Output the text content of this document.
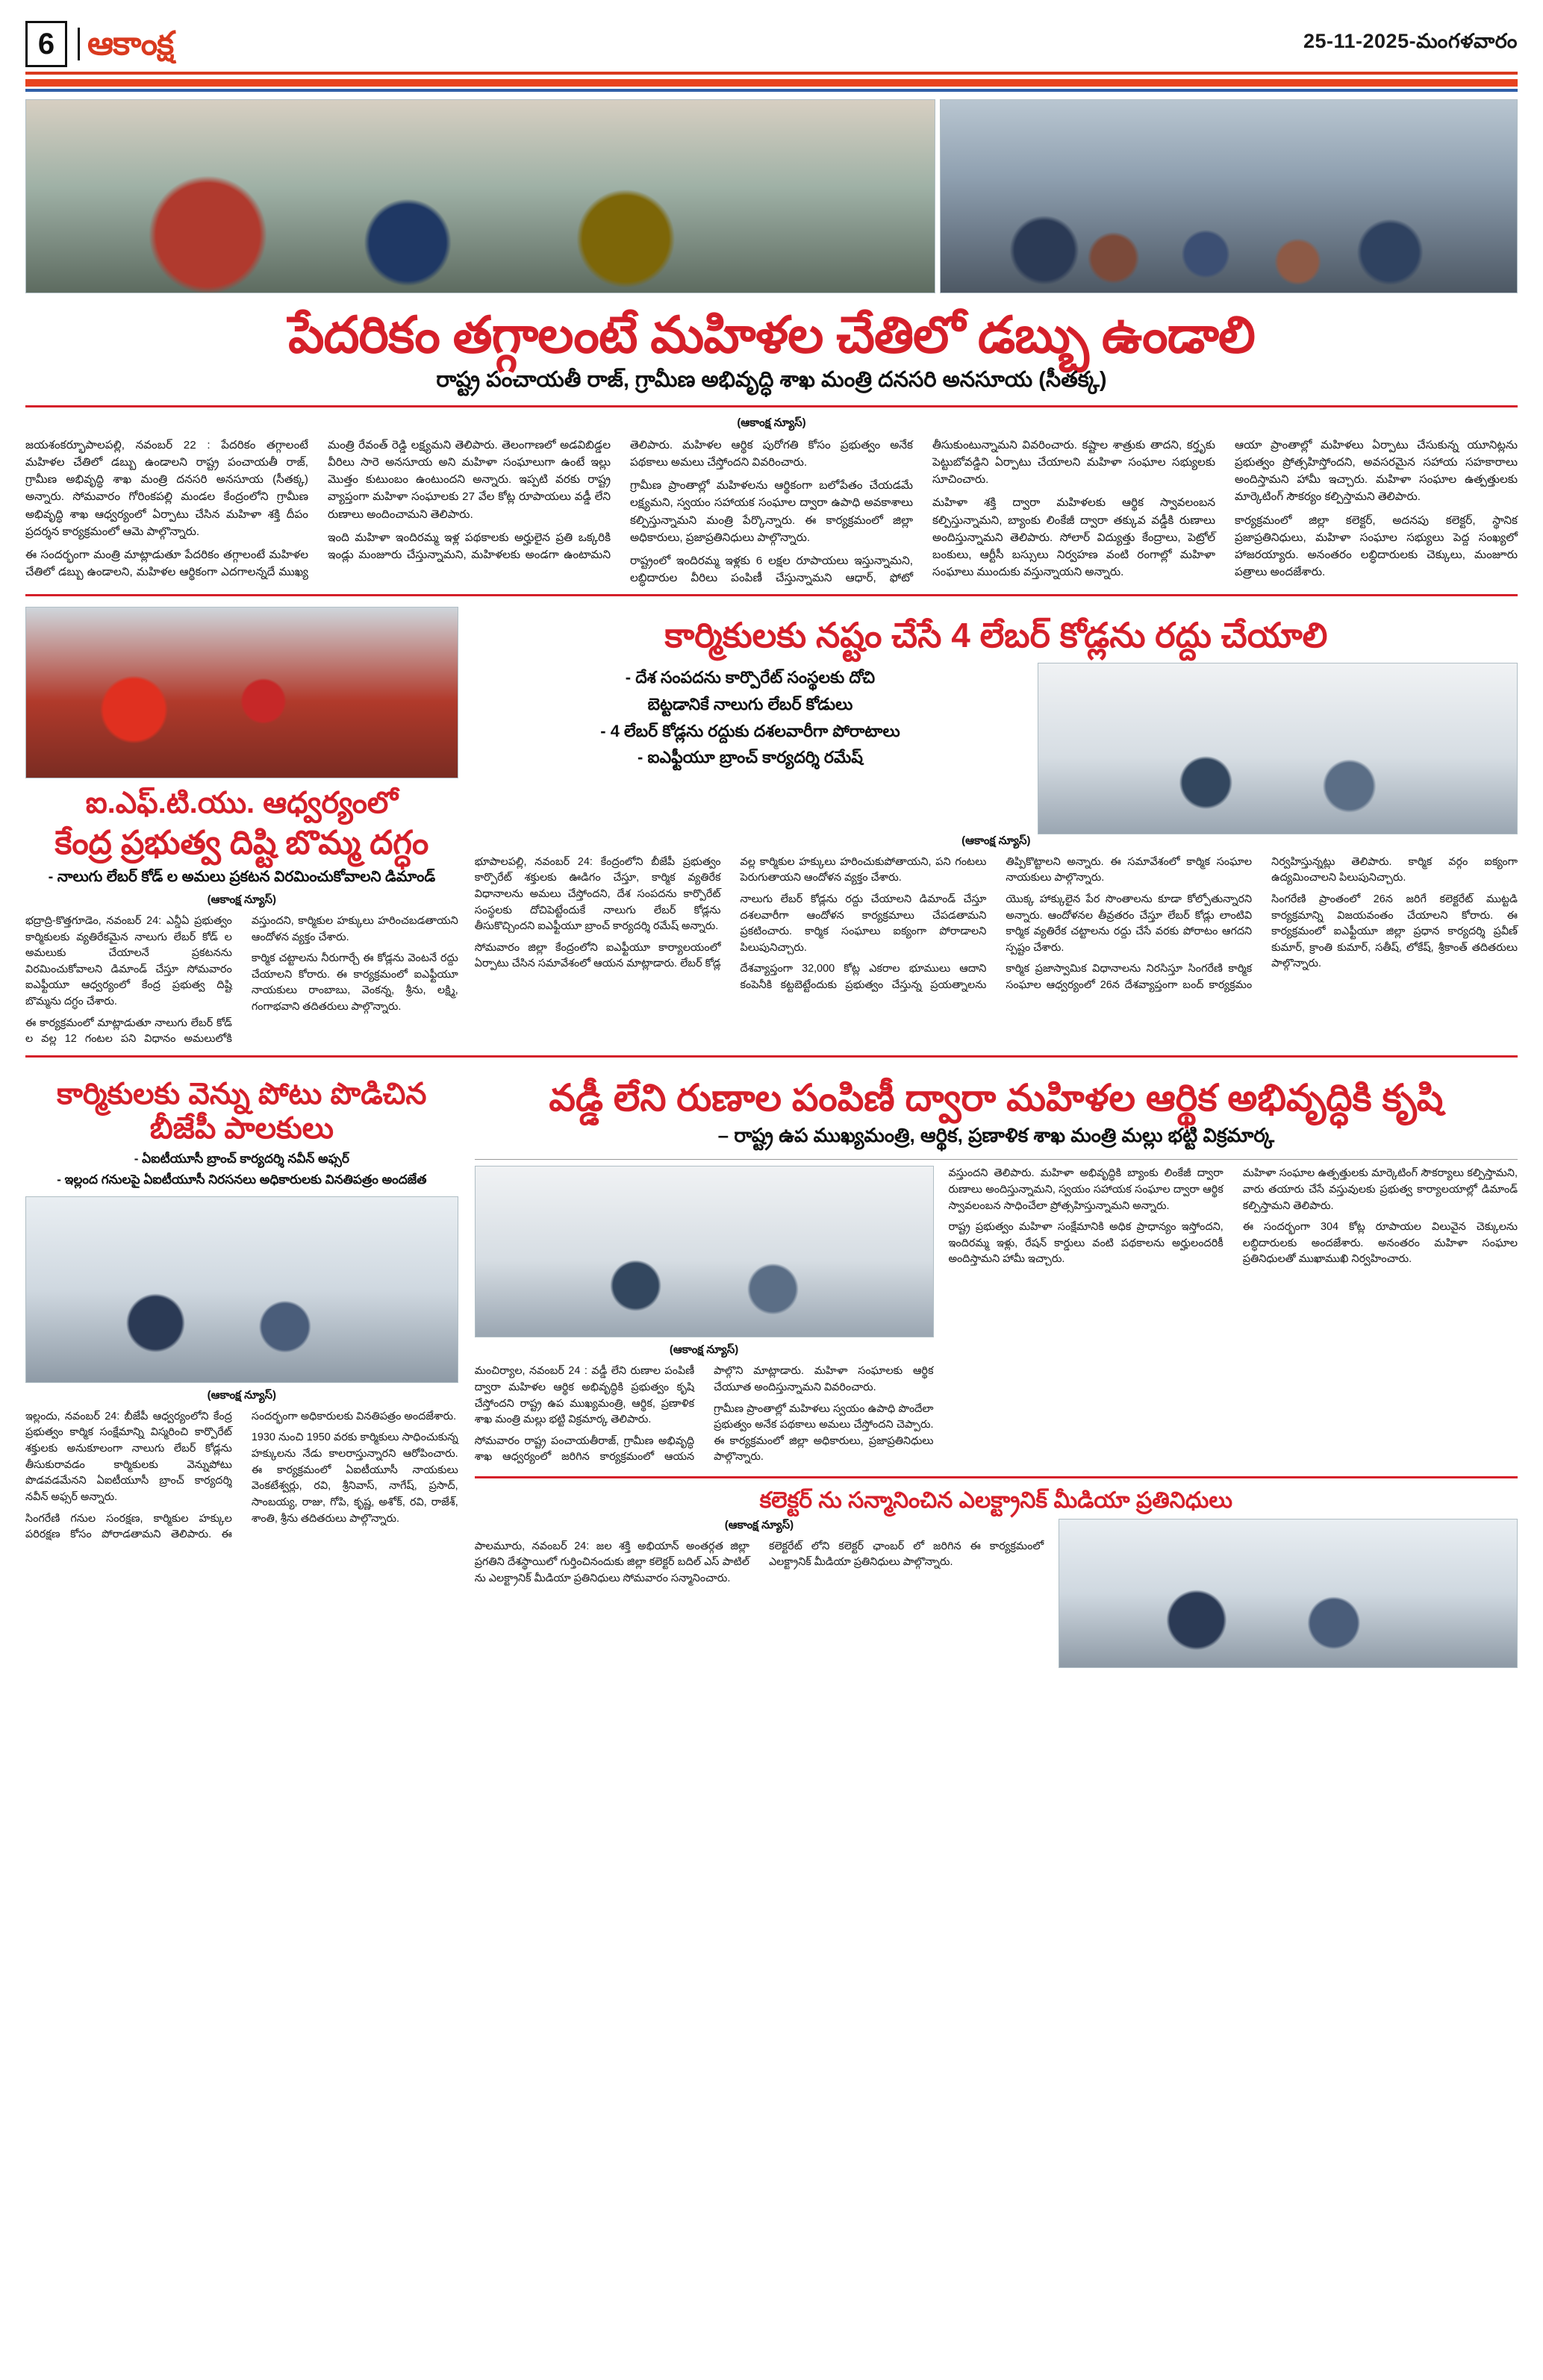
6 ఆకాంక్ష	25-11-2025-మంగళవారం
పేదరికం తగ్గాలంటే మహిళల చేతిలో డబ్బు ఉండాలి
రాష్ట్ర పంచాయతీ రాజ్, గ్రామీణ అభివృద్ధి శాఖ మంత్రి దనసరి అనసూయ (సీతక్క)
(ఆకాంక్ష న్యూస్)

జయశంకర్భూపాలపల్లి, నవంబర్ 22 : పేదరికం తగ్గాలంటే మహిళల చేతిలో డబ్బు ఉండాలని రాష్ట్ర పంచాయతీ రాజ్, గ్రామీణ అభివృద్ధి శాఖ మంత్రి దనసరి అనసూయ (సీతక్క) అన్నారు. సోమవారం గోరింకపల్లి మండల కేంద్రంలోని గ్రామీణ అభివృద్ధి శాఖ ఆధ్వర్యంలో ఏర్పాటు చేసిన మహిళా శక్తి దీపం ప్రదర్శన కార్యక్రమంలో ఆమె పాల్గొన్నారు.

ఈ సందర్భంగా మంత్రి మాట్లాడుతూ పేదరికం తగ్గాలంటే మహిళల చేతిలో డబ్బు ఉండాలని, మహిళల ఆర్థికంగా ఎదగాలన్నదే ముఖ్య మంత్రి రేవంత్ రెడ్డి లక్ష్యమని తెలిపారు. తెలంగాణలో అడవిబిడ్డల వీరిలు సారె అనసూయ అని మహిళా సంఘాలుగా ఉంటే ఇల్లు మొత్తం కుటుంబం ఉంటుందని అన్నారు. ఇప్పటి వరకు రాష్ట్ర వ్యాప్తంగా మహిళా సంఘాలకు 27 వేల కోట్ల రూపాయలు వడ్డీ లేని రుణాలు అందించామని తెలిపారు.

ఇంది మహిళా ఇందిరమ్మ ఇళ్ల పథకాలకు అర్హులైన ప్రతి ఒక్కరికి ఇండ్లు మంజూరు చేస్తున్నామని, మహిళలకు అండగా ఉంటామని తెలిపారు. మహిళల ఆర్థిక పురోగతి కోసం ప్రభుత్వం అనేక పథకాలు అమలు చేస్తోందని వివరించారు.

గ్రామీణ ప్రాంతాల్లో మహిళలను ఆర్థికంగా బలోపేతం చేయడమే లక్ష్యమని, స్వయం సహాయక సంఘాల ద్వారా ఉపాధి అవకాశాలు కల్పిస్తున్నామని మంత్రి పేర్కొన్నారు. ఈ కార్యక్రమంలో జిల్లా అధికారులు, ప్రజాప్రతినిధులు పాల్గొన్నారు.

రాష్ట్రంలో ఇందిరమ్మ ఇళ్లకు 6 లక్షల రూపాయలు ఇస్తున్నామని, లబ్ధిదారుల వీరిలు పంపిణీ చేస్తున్నామని ఆధార్, ఫోటో తీసుకుంటున్నామని వివరించారు. కష్టాల శాత్రుకు తాదని, కర్తృకు పెట్టుబోవడ్డిని ఏర్పాటు చేయాలని మహిళా సంఘాల సభ్యులకు సూచించారు.

మహిళా శక్తి ద్వారా మహిళలకు ఆర్థిక స్వావలంబన కల్పిస్తున్నామని, బ్యాంకు లింకేజీ ద్వారా తక్కువ వడ్డీకి రుణాలు అందిస్తున్నామని తెలిపారు. సోలార్ విద్యుత్తు కేంద్రాలు, పెట్రోల్ బంకులు, ఆర్టీసీ బస్సులు నిర్వహణ వంటి రంగాల్లో మహిళా సంఘాలు ముందుకు వస్తున్నాయని అన్నారు.

ఆయా ప్రాంతాల్లో మహిళలు ఏర్పాటు చేసుకున్న యూనిట్లను ప్రభుత్వం ప్రోత్సహిస్తోందని, అవసరమైన సహాయ సహకారాలు అందిస్తామని హామీ ఇచ్చారు. మహిళా సంఘాల ఉత్పత్తులకు మార్కెటింగ్ సౌకర్యం కల్పిస్తామని తెలిపారు.

కార్యక్రమంలో జిల్లా కలెక్టర్, అదనపు కలెక్టర్, స్థానిక ప్రజాప్రతినిధులు, మహిళా సంఘాల సభ్యులు పెద్ద సంఖ్యలో హాజరయ్యారు. అనంతరం లబ్ధిదారులకు చెక్కులు, మంజూరు పత్రాలు అందజేశారు.

ఐ.ఎఫ్.టి.యు. ఆధ్వర్యంలో
కేంద్ర ప్రభుత్వ దిష్టి బొమ్మ దగ్ధం
- నాలుగు లేబర్ కోడ్ ల అమలు ప్రకటన విరమించుకోవాలని డిమాండ్
(ఆకాంక్ష న్యూస్)

భద్రాద్రి-కొత్తగూడెం, నవంబర్ 24: ఎన్డీఏ ప్రభుత్వం కార్మికులకు వ్యతిరేకమైన నాలుగు లేబర్ కోడ్ ల అమలుకు చేయాలనే ప్రకటనను విరమించుకోవాలని డిమాండ్ చేస్తూ సోమవారం ఐఎఫ్టీయూ ఆధ్వర్యంలో కేంద్ర ప్రభుత్వ దిష్టి బొమ్మను దగ్ధం చేశారు.

ఈ కార్యక్రమంలో మాట్లాడుతూ నాలుగు లేబర్ కోడ్ ల వల్ల 12 గంటల పని విధానం అమలులోకి వస్తుందని, కార్మికుల హక్కులు హరించబడతాయని ఆందోళన వ్యక్తం చేశారు.

కార్మిక చట్టాలను నీరుగార్చే ఈ కోడ్లను వెంటనే రద్దు చేయాలని కోరారు. ఈ కార్యక్రమంలో ఐఎఫ్టీయూ నాయకులు రాంబాబు, వెంకన్న, శ్రీను, లక్ష్మి, గంగాభవాని తదితరులు పాల్గొన్నారు.

కార్మికులకు నష్టం చేసే 4 లేబర్ కోడ్లను రద్దు చేయాలి
- దేశ సంపదను కార్పొరేట్ సంస్థలకు దోచి
బెట్టడానికే నాలుగు లేబర్ కోడులు
- 4 లేబర్ కోడ్లను రద్దుకు దశలవారీగా పోరాటాలు
- ఐఎఫ్టీయూ బ్రాంచ్ కార్యదర్శి రమేష్
(ఆకాంక్ష న్యూస్)

భూపాలపల్లి, నవంబర్ 24: కేంద్రంలోని బీజేపీ ప్రభుత్వం కార్పొరేట్ శక్తులకు ఊడిగం చేస్తూ, కార్మిక వ్యతిరేక విధానాలను అమలు చేస్తోందని, దేశ సంపదను కార్పొరేట్ సంస్థలకు దోచిపెట్టేందుకే నాలుగు లేబర్ కోడ్లను తీసుకొచ్చిందని ఐఎఫ్టీయూ బ్రాంచ్ కార్యదర్శి రమేష్ అన్నారు.

సోమవారం జిల్లా కేంద్రంలోని ఐఎఫ్టీయూ కార్యాలయంలో ఏర్పాటు చేసిన సమావేశంలో ఆయన మాట్లాడారు. లేబర్ కోడ్ల వల్ల కార్మికుల హక్కులు హరించుకుపోతాయని, పని గంటలు పెరుగుతాయని ఆందోళన వ్యక్తం చేశారు.

నాలుగు లేబర్ కోడ్లను రద్దు చేయాలని డిమాండ్ చేస్తూ దశలవారీగా ఆందోళన కార్యక్రమాలు చేపడతామని ప్రకటించారు. కార్మిక సంఘాలు ఐక్యంగా పోరాడాలని పిలుపునిచ్చారు.

దేశవ్యాప్తంగా 32,000 కోట్ల ఎకరాల భూములు ఆదాని కంపెనీకి కట్టబెట్టేందుకు ప్రభుత్వం చేస్తున్న ప్రయత్నాలను తిప్పికొట్టాలని అన్నారు. ఈ సమావేశంలో కార్మిక సంఘాల నాయకులు పాల్గొన్నారు.

యొక్క హాక్కులైన పేర సొంతాలను కూడా కోల్పోతున్నారని అన్నారు. ఆందోళనల తీవ్రతరం చేస్తూ లేబర్ కోడ్లు లాంటివి కార్మిక వ్యతిరేక చట్టాలను రద్దు చేసే వరకు పోరాటం ఆగదని స్పష్టం చేశారు.

కార్మిక ప్రజాస్వామిక విధానాలను నిరసిస్తూ సింగరేణి కార్మిక సంఘాల ఆధ్వర్యంలో 26న దేశవ్యాప్తంగా బంద్ కార్యక్రమం నిర్వహిస్తున్నట్లు తెలిపారు. కార్మిక వర్గం ఐక్యంగా ఉద్యమించాలని పిలుపునిచ్చారు.

సింగరేణి ప్రాంతంలో 26న జరిగే కలెక్టరేట్ ముట్టడి కార్యక్రమాన్ని విజయవంతం చేయాలని కోరారు. ఈ కార్యక్రమంలో ఐఎఫ్టీయూ జిల్లా ప్రధాన కార్యదర్శి ప్రవీణ్ కుమార్, క్రాంతి కుమార్, సతీష్, లోకేష్, శ్రీకాంత్ తదితరులు పాల్గొన్నారు.

కార్మికులకు వెన్ను పోటు పొడిచిన బీజేపీ పాలకులు
- ఏఐటీయూసీ బ్రాంచ్ కార్యదర్శి నవీన్ అఫ్సర్
- ఇల్లంద గనులపై ఏఐటీయూసీ నిరసనలు అధికారులకు వినతిపత్రం అందజేత
(ఆకాంక్ష న్యూస్)

ఇల్లందు, నవంబర్ 24: బీజేపీ ఆధ్వర్యంలోని కేంద్ర ప్రభుత్వం కార్మిక సంక్షేమాన్ని విస్మరించి కార్పొరేట్ శక్తులకు అనుకూలంగా నాలుగు లేబర్ కోడ్లను తీసుకురావడం కార్మికులకు వెన్నుపోటు పొడవడమేనని ఏఐటీయూసీ బ్రాంచ్ కార్యదర్శి నవీన్ అఫ్సర్ అన్నారు.

సింగరేణి గనుల సంరక్షణ, కార్మికుల హక్కుల పరిరక్షణ కోసం పోరాడతామని తెలిపారు. ఈ సందర్భంగా అధికారులకు వినతిపత్రం అందజేశారు.

1930 నుంచి 1950 వరకు కార్మికులు సాధించుకున్న హక్కులను నేడు కాలరాస్తున్నారని ఆరోపించారు. ఈ కార్యక్రమంలో ఏఐటీయూసీ నాయకులు వెంకటేశ్వర్లు, రవి, శ్రీనివాస్, నాగేష్, ప్రసాద్, సాంబయ్య, రాజు, గోపి, కృష్ణ, అశోక్, రవి, రాజేశ్, శాంతి, శ్రీను తదితరులు పాల్గొన్నారు.

వడ్డీ లేని రుణాల పంపిణీ ద్వారా మహిళల ఆర్థిక అభివృద్ధికి కృషి
– రాష్ట్ర ఉప ముఖ్యమంత్రి, ఆర్థిక, ప్రణాళిక శాఖ మంత్రి మల్లు భట్టి విక్రమార్క
(ఆకాంక్ష న్యూస్)

మంచిర్యాల, నవంబర్ 24 : వడ్డీ లేని రుణాల పంపిణీ ద్వారా మహిళల ఆర్థిక అభివృద్ధికి ప్రభుత్వం కృషి చేస్తోందని రాష్ట్ర ఉప ముఖ్యమంత్రి, ఆర్థిక, ప్రణాళిక శాఖ మంత్రి మల్లు భట్టి విక్రమార్క తెలిపారు.

సోమవారం రాష్ట్ర పంచాయతీరాజ్, గ్రామీణ అభివృద్ధి శాఖ ఆధ్వర్యంలో జరిగిన కార్యక్రమంలో ఆయన పాల్గొని మాట్లాడారు. మహిళా సంఘాలకు ఆర్థిక చేయూత అందిస్తున్నామని వివరించారు.

గ్రామీణ ప్రాంతాల్లో మహిళలు స్వయం ఉపాధి పొందేలా ప్రభుత్వం అనేక పథకాలు అమలు చేస్తోందని చెప్పారు. ఈ కార్యక్రమంలో జిల్లా అధికారులు, ప్రజాప్రతినిధులు పాల్గొన్నారు.

వస్తుందని తెలిపారు. మహిళా అభివృద్ధికి బ్యాంకు లింకేజీ ద్వారా రుణాలు అందిస్తున్నామని, స్వయం సహాయక సంఘాల ద్వారా ఆర్థిక స్వావలంబన సాధించేలా ప్రోత్సహిస్తున్నామని అన్నారు.

రాష్ట్ర ప్రభుత్వం మహిళా సంక్షేమానికి అధిక ప్రాధాన్యం ఇస్తోందని, ఇందిరమ్మ ఇళ్లు, రేషన్ కార్డులు వంటి పథకాలను అర్హులందరికీ అందిస్తామని హామీ ఇచ్చారు.

మహిళా సంఘాల ఉత్పత్తులకు మార్కెటింగ్ సౌకర్యాలు కల్పిస్తామని, వారు తయారు చేసే వస్తువులకు ప్రభుత్వ కార్యాలయాల్లో డిమాండ్ కల్పిస్తామని తెలిపారు.

ఈ సందర్భంగా 304 కోట్ల రూపాయల విలువైన చెక్కులను లబ్ధిదారులకు అందజేశారు. అనంతరం మహిళా సంఘాల ప్రతినిధులతో ముఖాముఖి నిర్వహించారు.

కలెక్టర్ ను సన్మానించిన ఎలక్ట్రానిక్ మీడియా ప్రతినిధులు
(ఆకాంక్ష న్యూస్)

పాలమూరు, నవంబర్ 24: జల శక్తి అభియాన్ అంతర్గత జిల్లా ప్రగతిని దేశస్థాయిలో గుర్తించినందుకు జిల్లా కలెక్టర్ బదిల్ ఎస్ పాటిల్ ను ఎలక్ట్రానిక్ మీడియా ప్రతినిధులు సోమవారం సన్మానించారు.

కలెక్టరేట్ లోని కలెక్టర్ ఛాంబర్ లో జరిగిన ఈ కార్యక్రమంలో ఎలక్ట్రానిక్ మీడియా ప్రతినిధులు పాల్గొన్నారు.
